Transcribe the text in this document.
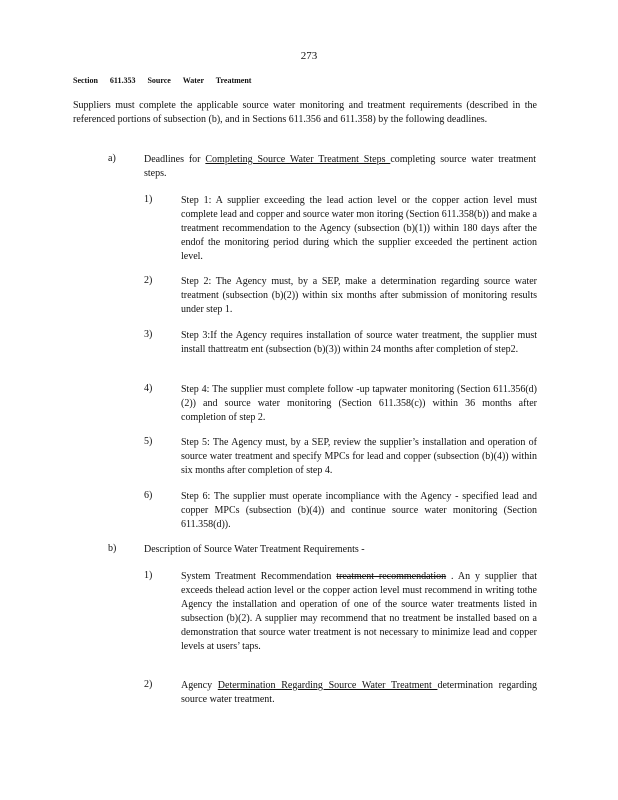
273
Section 611.353 Source Water Treatment
Suppliers must complete the applicable source water monitoring and treatment requirements (described in the referenced portions of subsection (b), and in Sections 611.356 and 611.358) by the following deadlines.
a)	Deadlines for Completing Source Water Treatment Steps completing source water treatment steps.
1)	Step 1: A supplier exceeding the lead action level or the copper action level must complete lead and copper and source water mon itoring (Section 611.358(b)) and make a treatment recommendation to the Agency (subsection (b)(1)) within 180 days after the endof the monitoring period during which the supplier exceeded the pertinent action level.
2)	Step 2: The Agency must, by a SEP, make a determination regarding source water treatment (subsection (b)(2)) within six months after submission of monitoring results under step 1.
3)	Step 3:If the Agency requires installation of source water treatment, the supplier must install thattreatm ent (subsection (b)(3)) within 24 months after completion of step2.
4)	Step 4: The supplier must complete follow -up tapwater monitoring (Section 611.356(d)(2)) and source water monitoring (Section 611.358(c)) within 36 months after completion of step 2.
5)	Step 5: The Agency must, by a SEP, review the supplier’s installation and operation of source water treatment and specify MPCs for lead and copper (subsection (b)(4)) within six months after completion of step 4.
6)	Step 6: The supplier must operate incompliance with the Agency - specified lead and copper MPCs (subsection (b)(4)) and continue source water monitoring (Section 611.358(d)).
b)	Description of Source Water Treatment Requirements -
1)	System Treatment Recommendation treatment recommendation . An y supplier that exceeds thelead action level or the copper action level must recommend in writing tothe Agency the installation and operation of one of the source water treatments listed in subsection (b)(2). A supplier may recommend that no treatment be installed based on a demonstration that source water treatment is not necessary to minimize lead and copper levels at users’ taps.
2)	Agency Determination Regarding Source Water Treatment determination regarding source water treatment.
